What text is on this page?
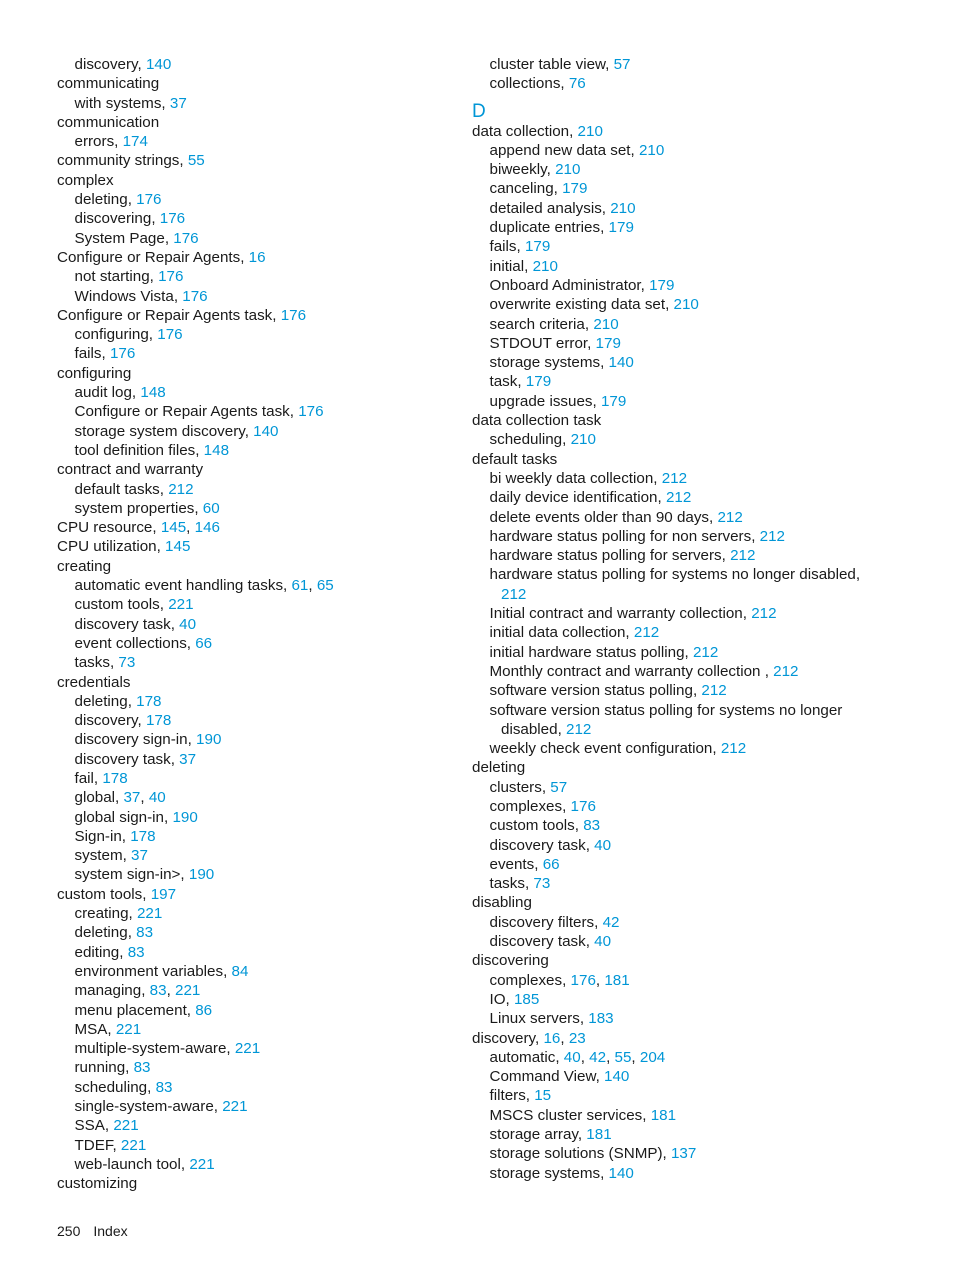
discovery, 140
communicating
with systems, 37
communication
errors, 174
community strings, 55
complex
deleting, 176
discovering, 176
System Page, 176
Configure or Repair Agents, 16
not starting, 176
Windows Vista, 176
Configure or Repair Agents task, 176
configuring, 176
fails, 176
configuring
audit log, 148
Configure or Repair Agents task, 176
storage system discovery, 140
tool definition files, 148
contract and warranty
default tasks, 212
system properties, 60
CPU resource, 145, 146
CPU utilization, 145
creating
automatic event handling tasks, 61, 65
custom tools, 221
discovery task, 40
event collections, 66
tasks, 73
credentials
deleting, 178
discovery, 178
discovery sign-in, 190
discovery task, 37
fail, 178
global, 37, 40
global sign-in, 190
Sign-in, 178
system, 37
system sign-in>, 190
custom tools, 197
creating, 221
deleting, 83
editing, 83
environment variables, 84
managing, 83, 221
menu placement, 86
MSA, 221
multiple-system-aware, 221
running, 83
scheduling, 83
single-system-aware, 221
SSA, 221
TDEF, 221
web-launch tool, 221
customizing
cluster table view, 57
collections, 76
D
data collection, 210
append new data set, 210
biweekly, 210
canceling, 179
detailed analysis, 210
duplicate entries, 179
fails, 179
initial, 210
Onboard Administrator, 179
overwrite existing data set, 210
search criteria, 210
STDOUT error, 179
storage systems, 140
task, 179
upgrade issues, 179
data collection task
scheduling, 210
default tasks
bi weekly data collection, 212
daily device identification, 212
delete events older than 90 days, 212
hardware status polling for non servers, 212
hardware status polling for servers, 212
hardware status polling for systems no longer disabled,
212
Initial contract and warranty collection, 212
initial data collection, 212
initial hardware status polling, 212
Monthly contract and warranty collection , 212
software version status polling, 212
software version status polling for systems no longer
disabled, 212
weekly check event configuration, 212
deleting
clusters, 57
complexes, 176
custom tools, 83
discovery task, 40
events, 66
tasks, 73
disabling
discovery filters, 42
discovery task, 40
discovering
complexes, 176, 181
IO, 185
Linux servers, 183
discovery, 16, 23
automatic, 40, 42, 55, 204
Command View, 140
filters, 15
MSCS cluster services, 181
storage array, 181
storage solutions (SNMP), 137
storage systems, 140
250 Index
